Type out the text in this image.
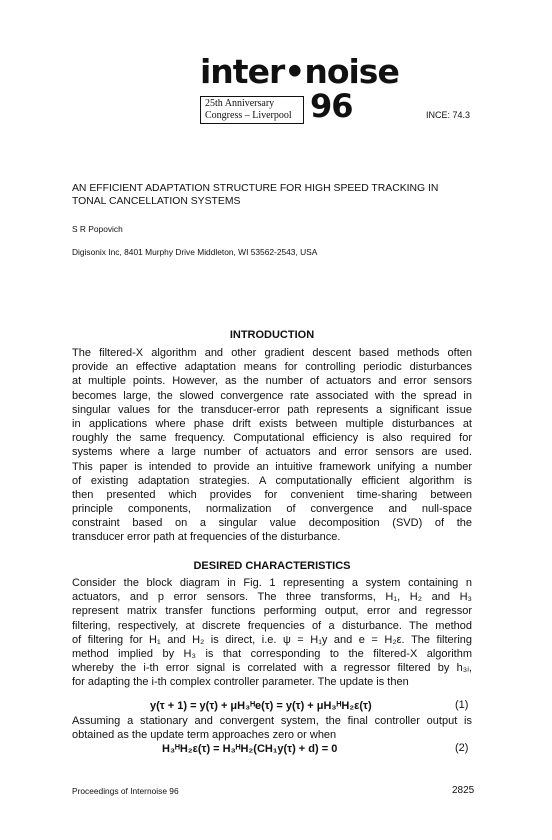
inter•noise
25th Anniversary
Congress – Liverpool 96	INCE: 74.3
AN EFFICIENT ADAPTATION STRUCTURE FOR HIGH SPEED TRACKING IN
TONAL CANCELLATION SYSTEMS
S R Popovich
Digisonix Inc, 8401 Murphy Drive Middleton, WI 53562-2543, USA
INTRODUCTION
The filtered-X algorithm and other gradient descent based methods often
provide an effective adaptation means for controlling periodic disturbances
at multiple points. However, as the number of actuators and error sensors
becomes large, the slowed convergence rate associated with the spread in
singular values for the transducer-error path represents a significant issue
in applications where phase drift exists between multiple disturbances at
roughly the same frequency. Computational efficiency is also required for
systems where a large number of actuators and error sensors are used.
This paper is intended to provide an intuitive framework unifying a number
of existing adaptation strategies. A computationally efficient algorithm is
then presented which provides for convenient time-sharing between
principle components, normalization of convergence and null-space
constraint based on a singular value decomposition (SVD) of the
transducer error path at frequencies of the disturbance.
DESIRED CHARACTERISTICS
Consider the block diagram in Fig. 1 representing a system containing n
actuators, and p error sensors. The three transforms, H₁, H₂ and H₃
represent matrix transfer functions performing output, error and regressor
filtering, respectively, at discrete frequencies of a disturbance. The method
of filtering for H₁ and H₂ is direct, i.e. ψ = H₁y and e = H₂ε. The filtering
method implied by H₃ is that corresponding to the filtered-X algorithm
whereby the i-th error signal is correlated with a regressor filtered by h₃ᵢ,
for adapting the i-th complex controller parameter. The update is then
y(τ + 1) = y(τ) + μH₃ᴴe(τ) = y(τ) + μH₃ᴴH₂ε(τ)	(1)
Assuming a stationary and convergent system, the final controller output is
obtained as the update term approaches zero or when
H₃ᴴH₂ε(τ) = H₃ᴴH₂(CH₁y(τ) + d) = 0	(2)
Proceedings of Internoise 96	2825
